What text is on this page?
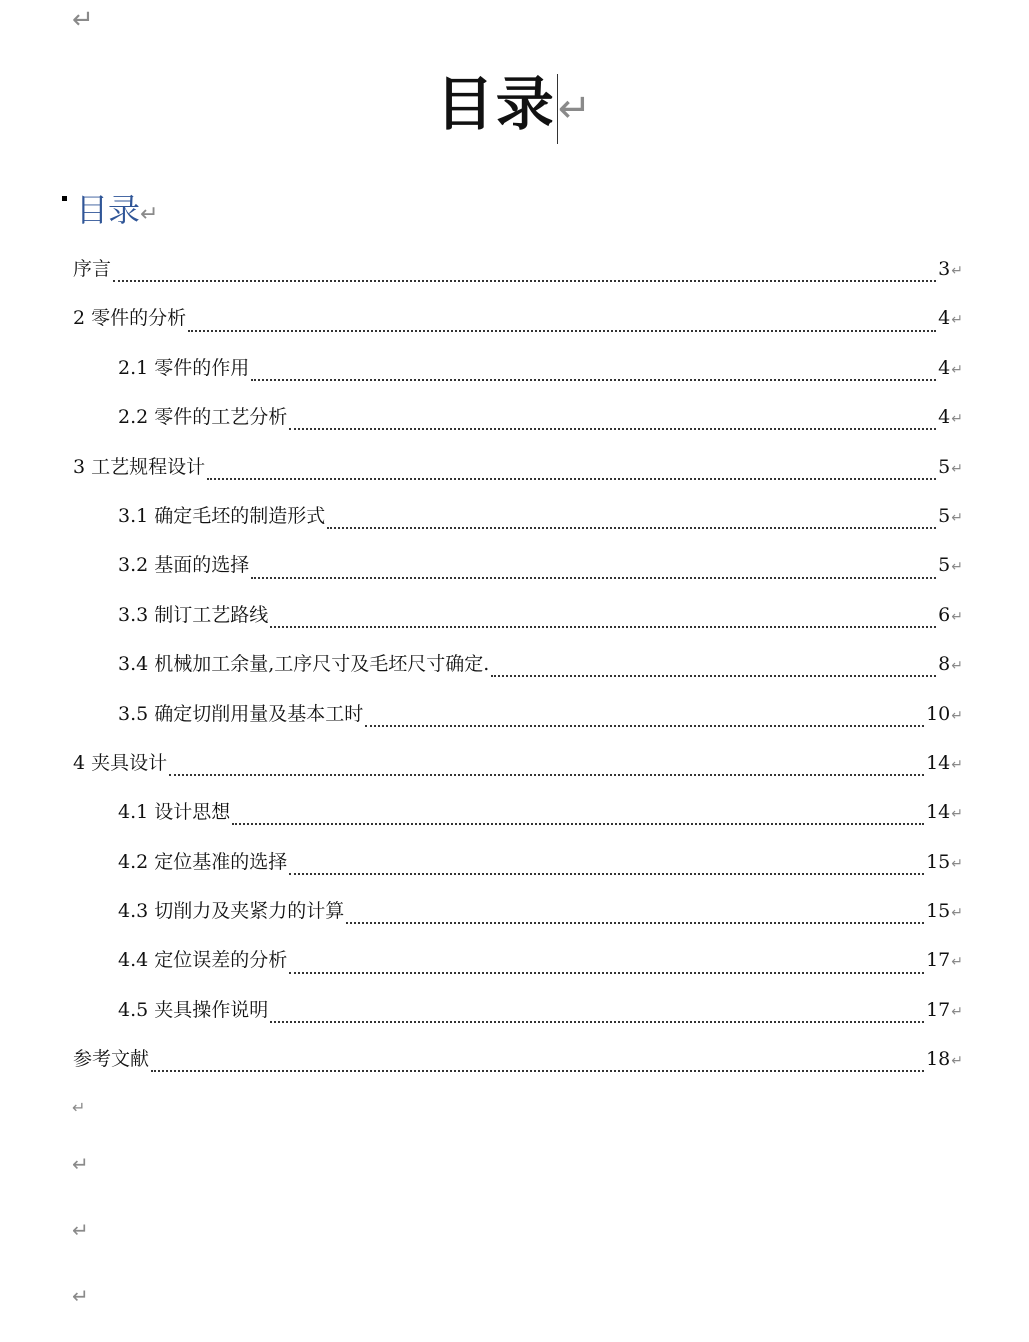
↵
目录↵
目录↵
序言	3 ↵
2 零件的分析	4 ↵
2.1 零件的作用	4 ↵
2.2 零件的工艺分析	4 ↵
3 工艺规程设计	5 ↵
3.1 确定毛坯的制造形式	5 ↵
3.2 基面的选择	5 ↵
3.3 制订工艺路线	6 ↵
3.4 机械加工余量,工序尺寸及毛坯尺寸确定.	8 ↵
3.5 确定切削用量及基本工时	10 ↵
4 夹具设计	14 ↵
4.1 设计思想	14 ↵
4.2 定位基准的选择	15 ↵
4.3 切削力及夹紧力的计算	15 ↵
4.4 定位误差的分析	17 ↵
4.5 夹具操作说明	17 ↵
参考文献	18 ↵
↵
↵
↵
↵
